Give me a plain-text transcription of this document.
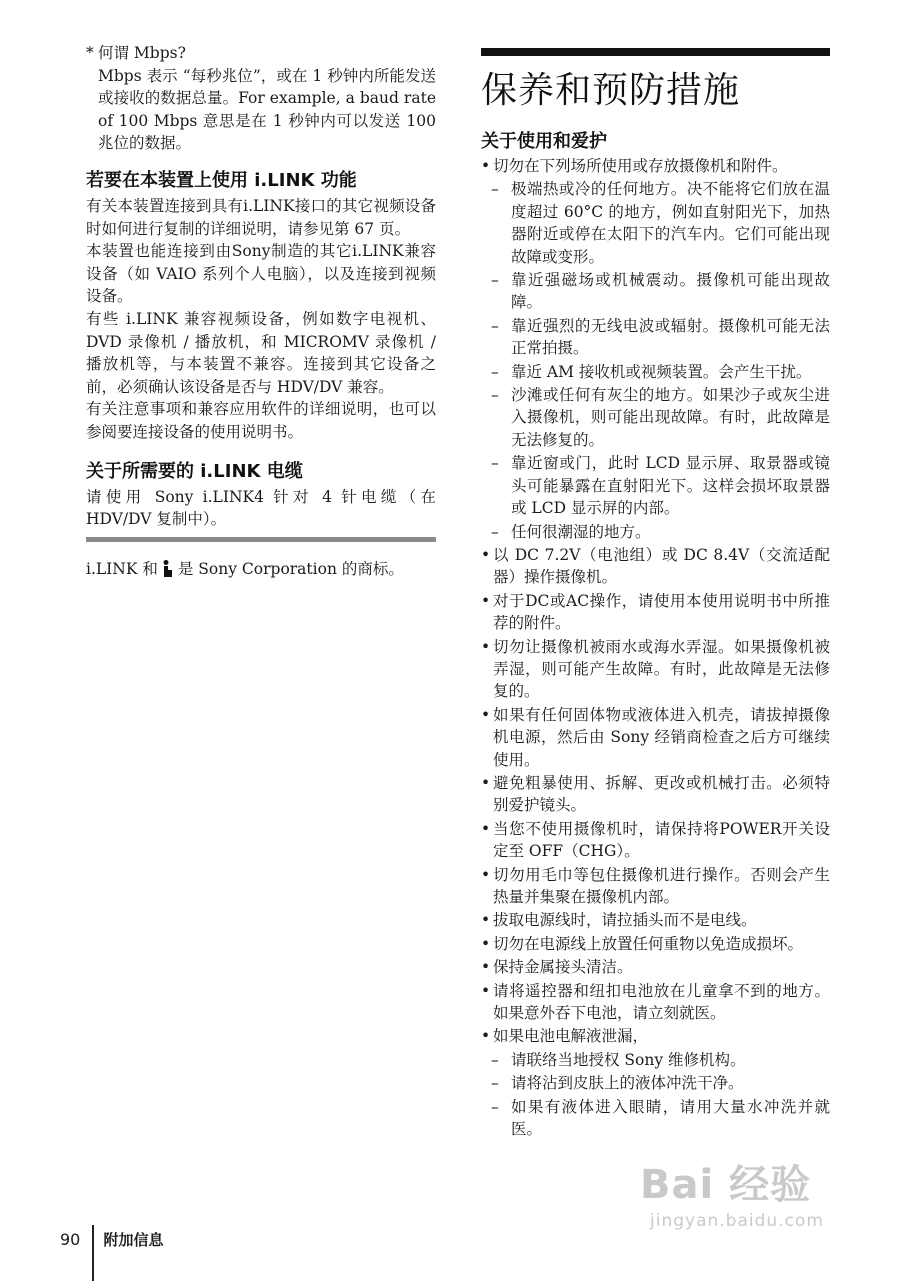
* 何谓 Mbps?
Mbps 表示 “每秒兆位”，或在 1 秒钟内所能发送或接收的数据总量。For example, a baud rate of 100 Mbps 意思是在 1 秒钟内可以发送 100 兆位的数据。
若要在本装置上使用 i.LINK 功能

有关本装置连接到具有i.LINK接口的其它视频设备时如何进行复制的详细说明，请参见第 67 页。

本装置也能连接到由Sony制造的其它i.LINK兼容设备（如 VAIO 系列个人电脑），以及连接到视频设备。

有些 i.LINK 兼容视频设备，例如数字电视机、DVD 录像机 / 播放机，和 MICROMV 录像机 / 播放机等，与本装置不兼容。连接到其它设备之前，必须确认该设备是否与 HDV/DV 兼容。

有关注意事项和兼容应用软件的详细说明，也可以参阅要连接设备的使用说明书。

关于所需要的 i.LINK 电缆

请使用 Sony i.LINK4 针对 4 针电缆（在 HDV/DV 复制中）。

i.LINK 和 是 Sony Corporation 的商标。
保养和预防措施
关于使用和爱护
• 切勿在下列场所使用或存放摄像机和附件。
– 极端热或冷的任何地方。决不能将它们放在温度超过 60°C 的地方，例如直射阳光下，加热器附近或停在太阳下的汽车内。它们可能出现故障或变形。
– 靠近强磁场或机械震动。摄像机可能出现故障。
– 靠近强烈的无线电波或辐射。摄像机可能无法正常拍摄。
– 靠近 AM 接收机或视频装置。会产生干扰。
– 沙滩或任何有灰尘的地方。如果沙子或灰尘进入摄像机，则可能出现故障。有时，此故障是无法修复的。
– 靠近窗或门，此时 LCD 显示屏、取景器或镜头可能暴露在直射阳光下。这样会损坏取景器或 LCD 显示屏的内部。
– 任何很潮湿的地方。
• 以 DC 7.2V（电池组）或 DC 8.4V（交流适配器）操作摄像机。
• 对于DC或AC操作，请使用本使用说明书中所推荐的附件。
• 切勿让摄像机被雨水或海水弄湿。如果摄像机被弄湿，则可能产生故障。有时，此故障是无法修复的。
• 如果有任何固体物或液体进入机壳，请拔掉摄像机电源，然后由 Sony 经销商检查之后方可继续使用。
• 避免粗暴使用、拆解、更改或机械打击。必须特别爱护镜头。
• 当您不使用摄像机时，请保持将POWER开关设定至 OFF（CHG）。
• 切勿用毛巾等包住摄像机进行操作。否则会产生热量并集聚在摄像机内部。
• 拔取电源线时，请拉插头而不是电线。
• 切勿在电源线上放置任何重物以免造成损坏。
• 保持金属接头清洁。
• 请将遥控器和纽扣电池放在儿童拿不到的地方。如果意外吞下电池，请立刻就医。
• 如果电池电解液泄漏，
– 请联络当地授权 Sony 维修机构。
– 请将沾到皮肤上的液体冲洗干净。
– 如果有液体进入眼睛，请用大量水冲洗并就医。
90	附加信息
Bai 经验
jingyan.baidu.com
